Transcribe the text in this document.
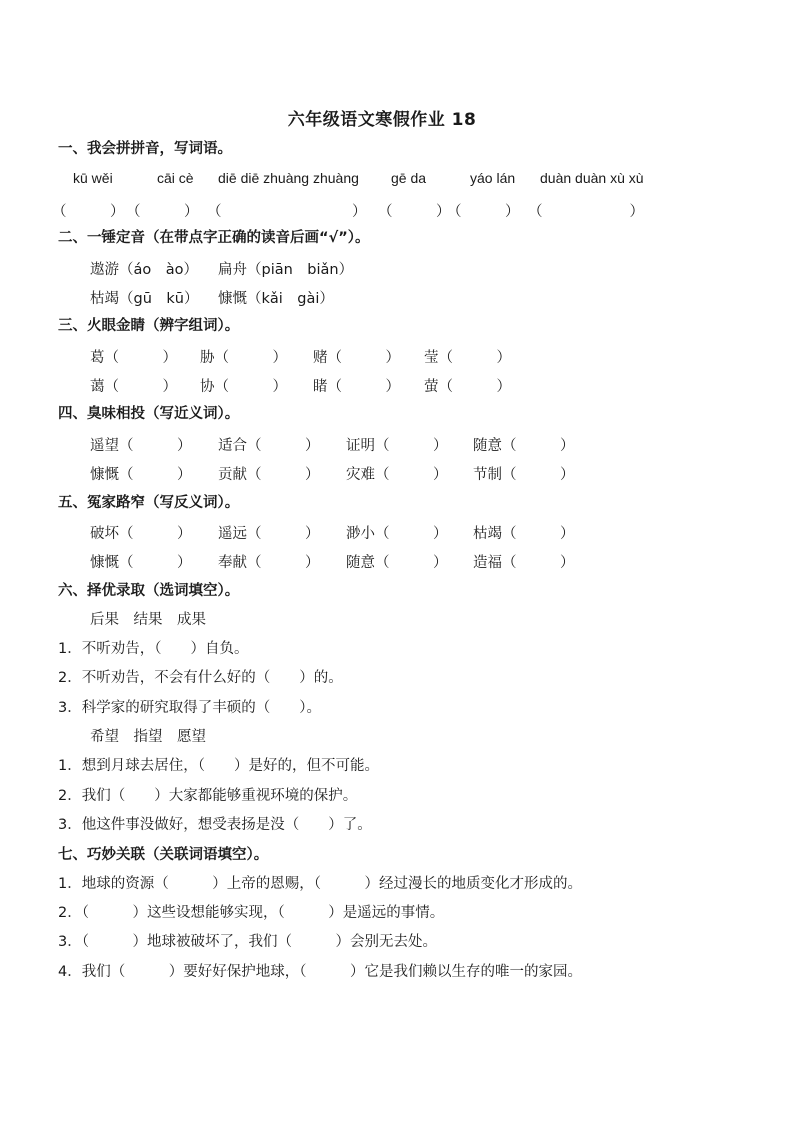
六年级语文寒假作业 18
一、我会拼拼音，写词语。
kū wěi	cāi cè diē diē zhuàng zhuàng gē da	yáo lán duàn duàn xù xù
（　　　） （　　　） （　　　　　　　　　） （　　　）
（　　　） （　　　　　　）
二、一锤定音（在带点字正确的读音后画“√”）。
遨游（áo　ào） 扁舟（piān　biǎn）
枯竭（gū　kū） 慷慨（kǎi　gài）
三、火眼金睛（辨字组词）。
葛（　　　） 胁（　　　） 赌（　　　） 莹（　　　）
蔼（　　　） 协（　　　） 睹（　　　） 萤（　　　）
四、臭味相投（写近义词）。
遥望（　　　） 适合（　　　） 证明（　　　） 随意（　　　）
慷慨（　　　） 贡献（　　　） 灾难（　　　） 节制（　　　）
五、冤家路窄（写反义词）。
破坏（　　　） 遥远（　　　） 渺小（　　　） 枯竭（　　　）
慷慨（　　　） 奉献（　　　） 随意（　　　） 造福（　　　）
六、择优录取（选词填空）。
后果　结果　成果
1．不听劝告，（　　）自负。
2．不听劝告，不会有什么好的（　　）的。
3．科学家的研究取得了丰硕的（　　）。
希望　指望　愿望
1．想到月球去居住，（　　）是好的，但不可能。
2．我们（　　）大家都能够重视环境的保护。
3．他这件事没做好，想受表扬是没（　　）了。
七、巧妙关联（关联词语填空）。
1．地球的资源（　　　）上帝的恩赐，（　　　）经过漫长的地质变化才形成的。
2．（　　　）这些设想能够实现，（　　　）是遥远的事情。
3．（　　　）地球被破坏了，我们（　　　）会别无去处。
4．我们（　　　）要好好保护地球，（　　　）它是我们赖以生存的唯一的家园。
